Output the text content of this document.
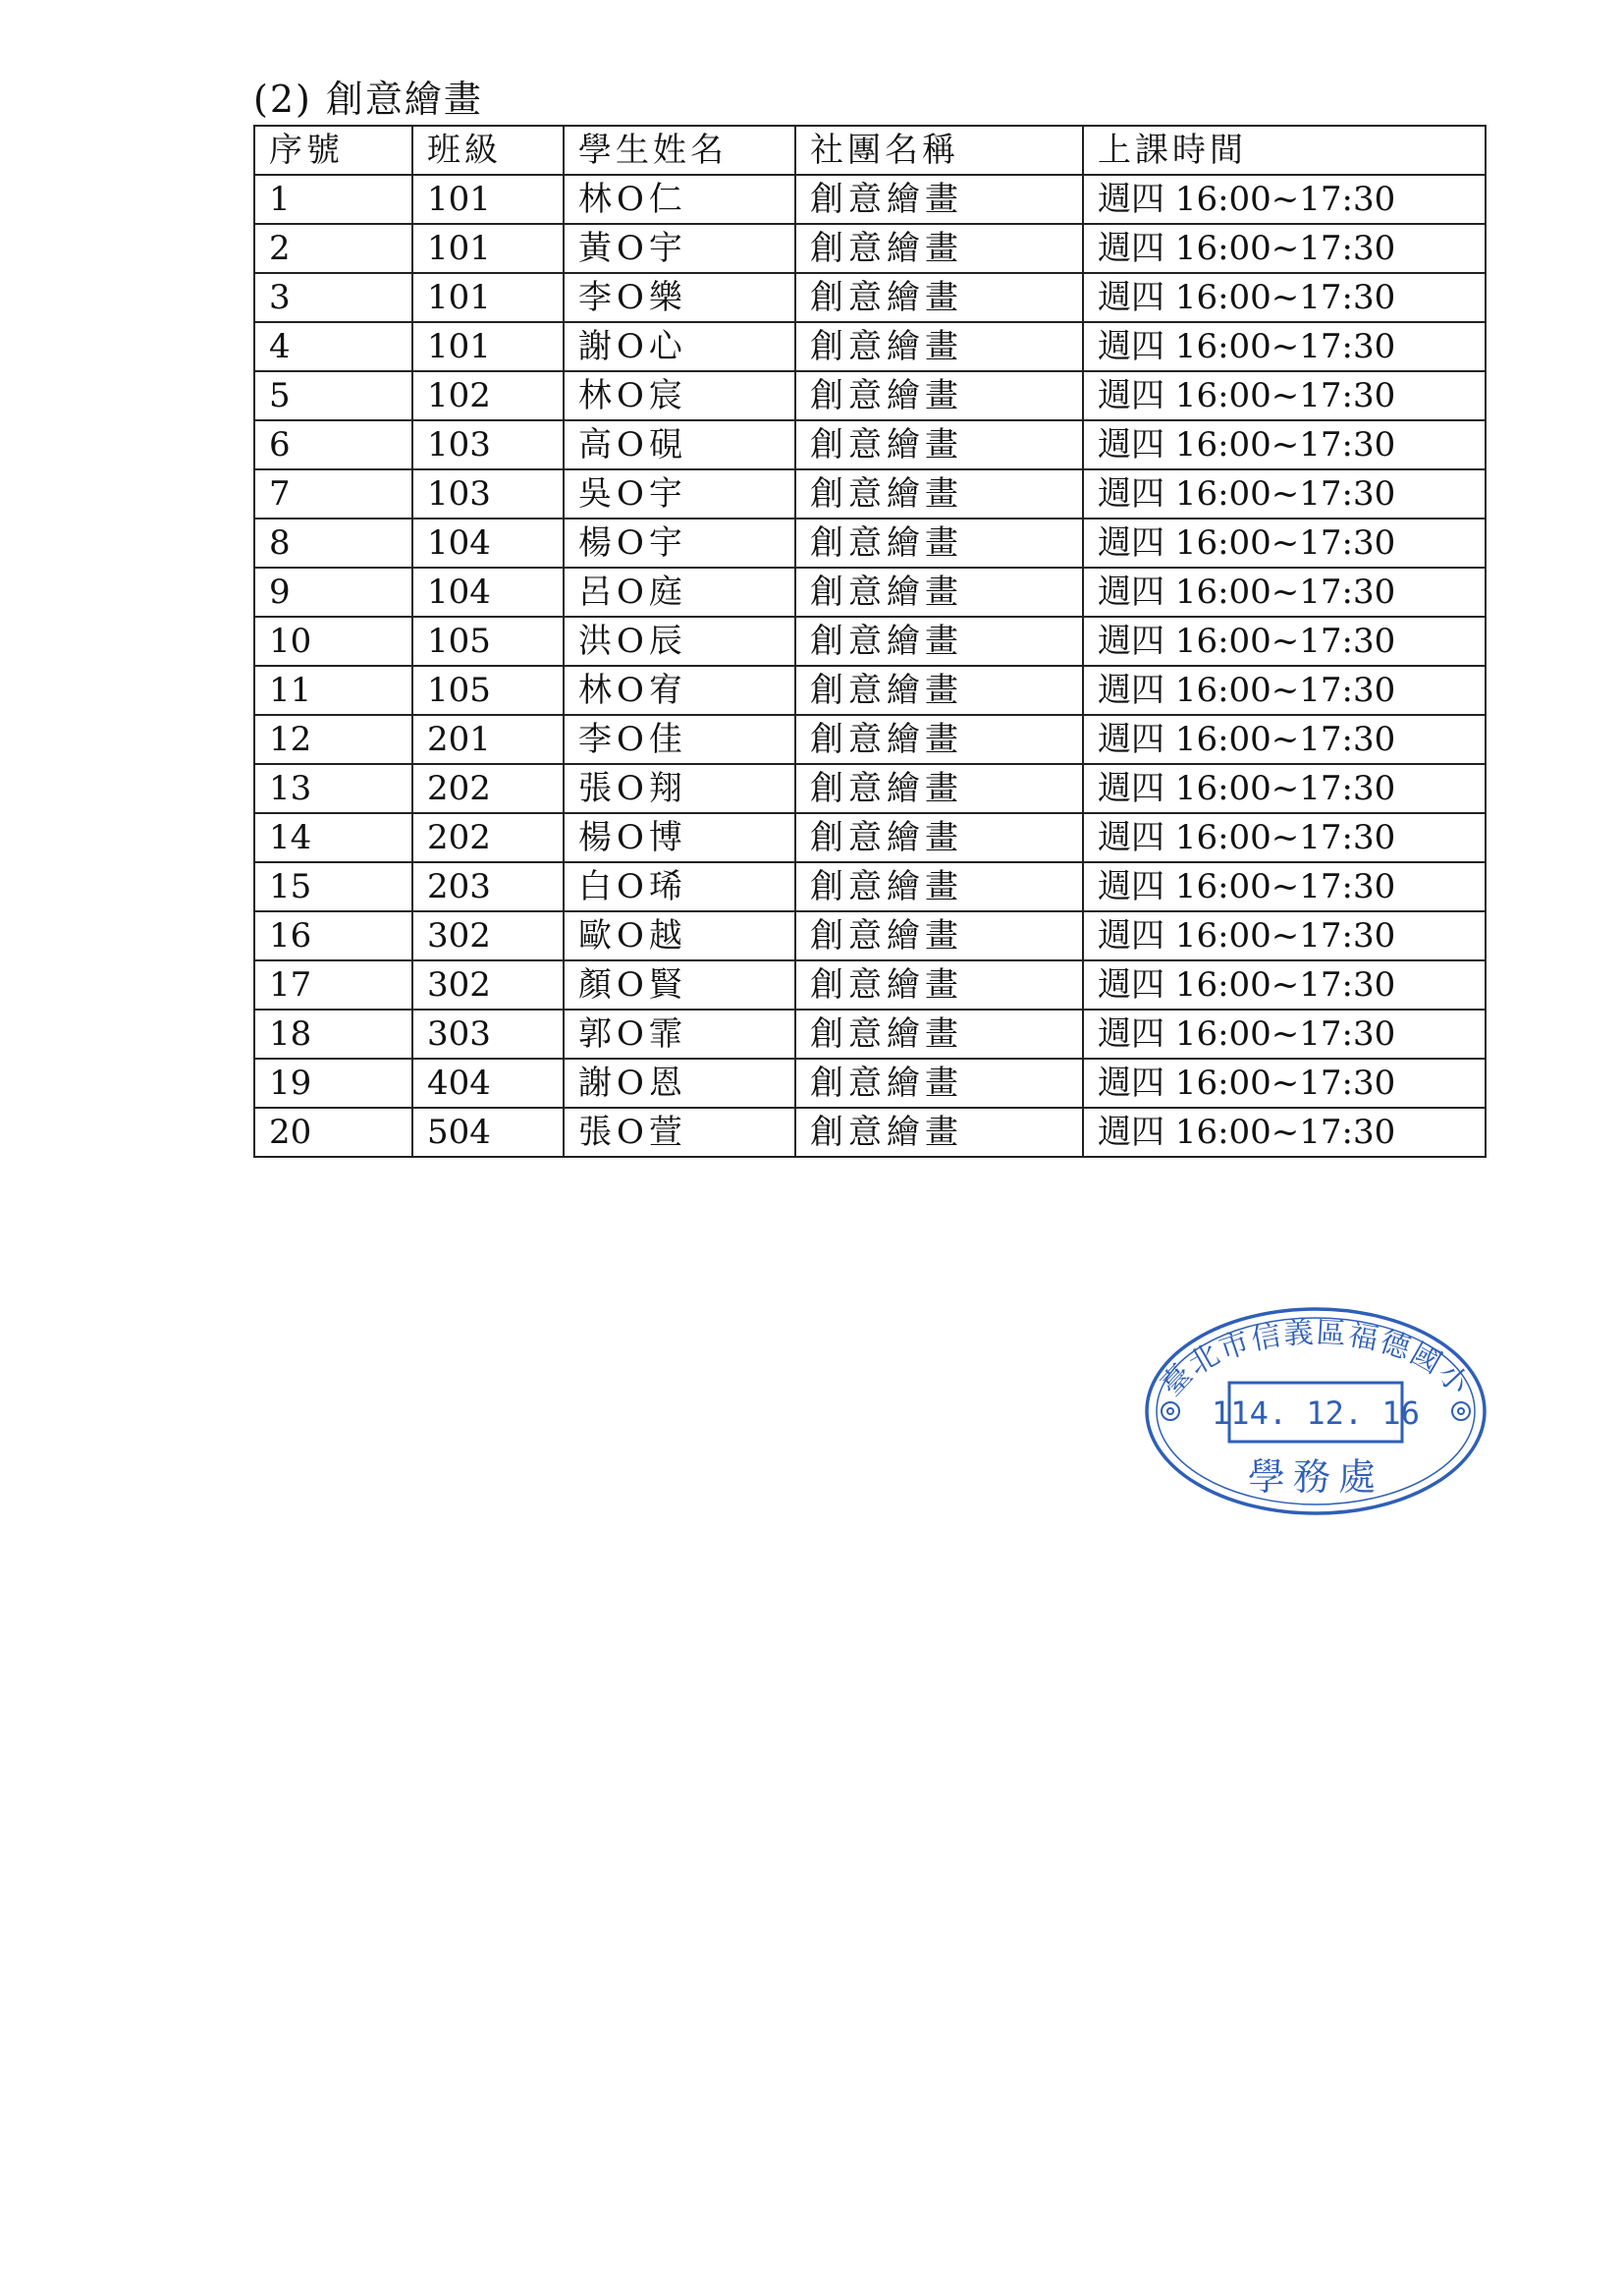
(2) 創意繪畫
序號	班級	學生姓名	社團名稱	上課時間
1	101	林O仁	創意繪畫	週四 16:00~17:30
2	101	黃O宇	創意繪畫	週四 16:00~17:30
3	101	李O樂	創意繪畫	週四 16:00~17:30
4	101	謝O心	創意繪畫	週四 16:00~17:30
5	102	林O宸	創意繪畫	週四 16:00~17:30
6	103	高O硯	創意繪畫	週四 16:00~17:30
7	103	吳O宇	創意繪畫	週四 16:00~17:30
8	104	楊O宇	創意繪畫	週四 16:00~17:30
9	104	呂O庭	創意繪畫	週四 16:00~17:30
10	105	洪O辰	創意繪畫	週四 16:00~17:30
11	105	林O宥	創意繪畫	週四 16:00~17:30
12	201	李O佳	創意繪畫	週四 16:00~17:30
13	202	張O翔	創意繪畫	週四 16:00~17:30
14	202	楊O博	創意繪畫	週四 16:00~17:30
15	203	白O琋	創意繪畫	週四 16:00~17:30
16	302	歐O越	創意繪畫	週四 16:00~17:30
17	302	顏O賢	創意繪畫	週四 16:00~17:30
18	303	郭O霏	創意繪畫	週四 16:00~17:30
19	404	謝O恩	創意繪畫	週四 16:00~17:30
20	504	張O萱	創意繪畫	週四 16:00~17:30
臺北市信義區福德國小
114. 12. 16
學務處
